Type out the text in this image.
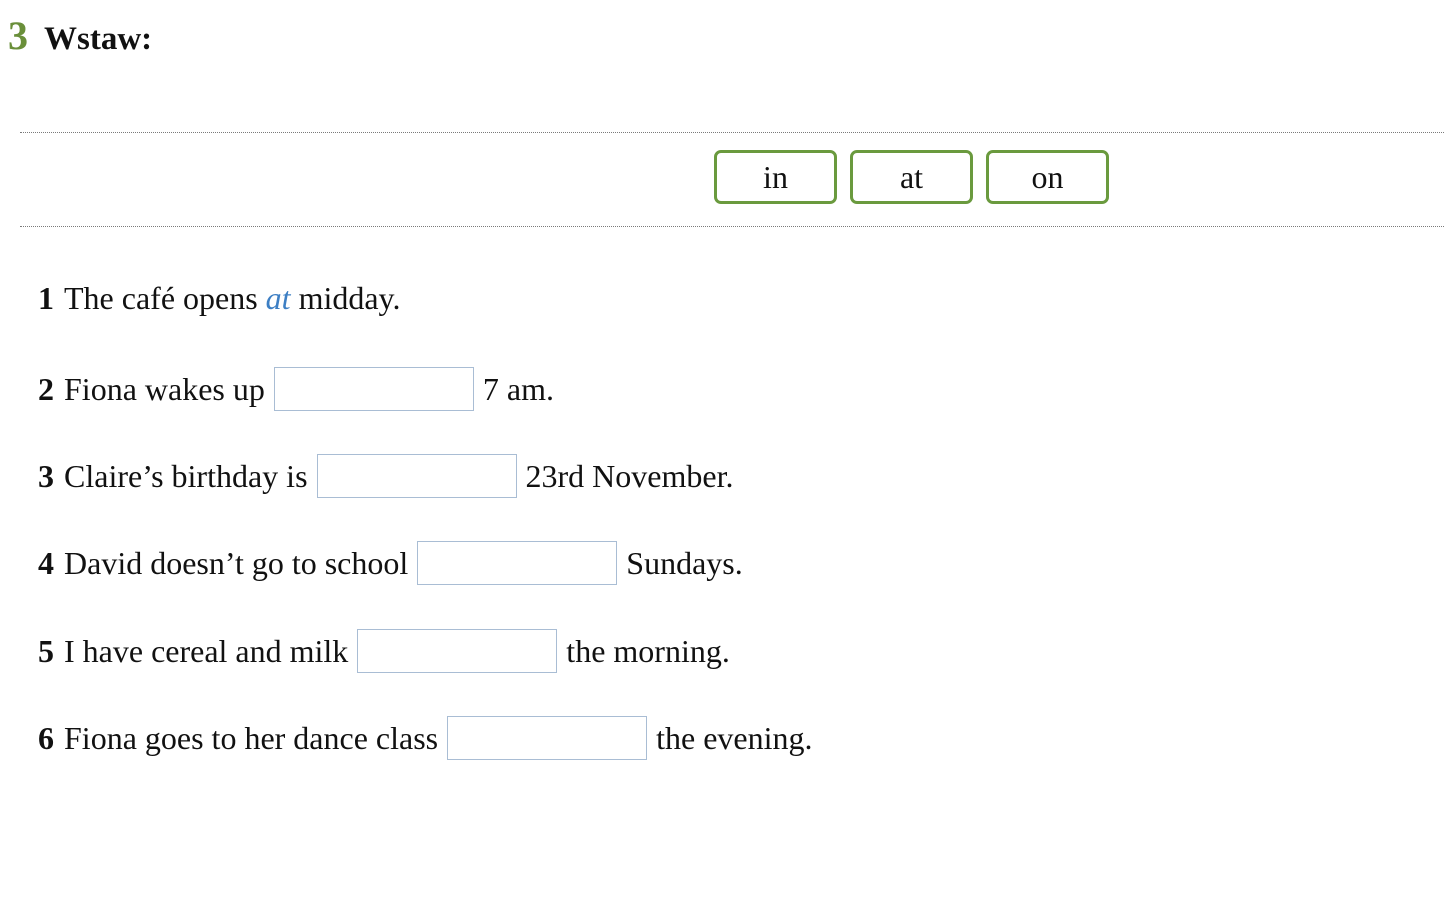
3 Wstaw:
in	at	on
1 The café opens at midday.
2 Fiona wakes up	7 am.
3 Claire’s birthday is	23rd November.
4 David doesn’t go to school	Sundays.
5 I have cereal and milk	the morning.
6 Fiona goes to her dance class	the evening.
